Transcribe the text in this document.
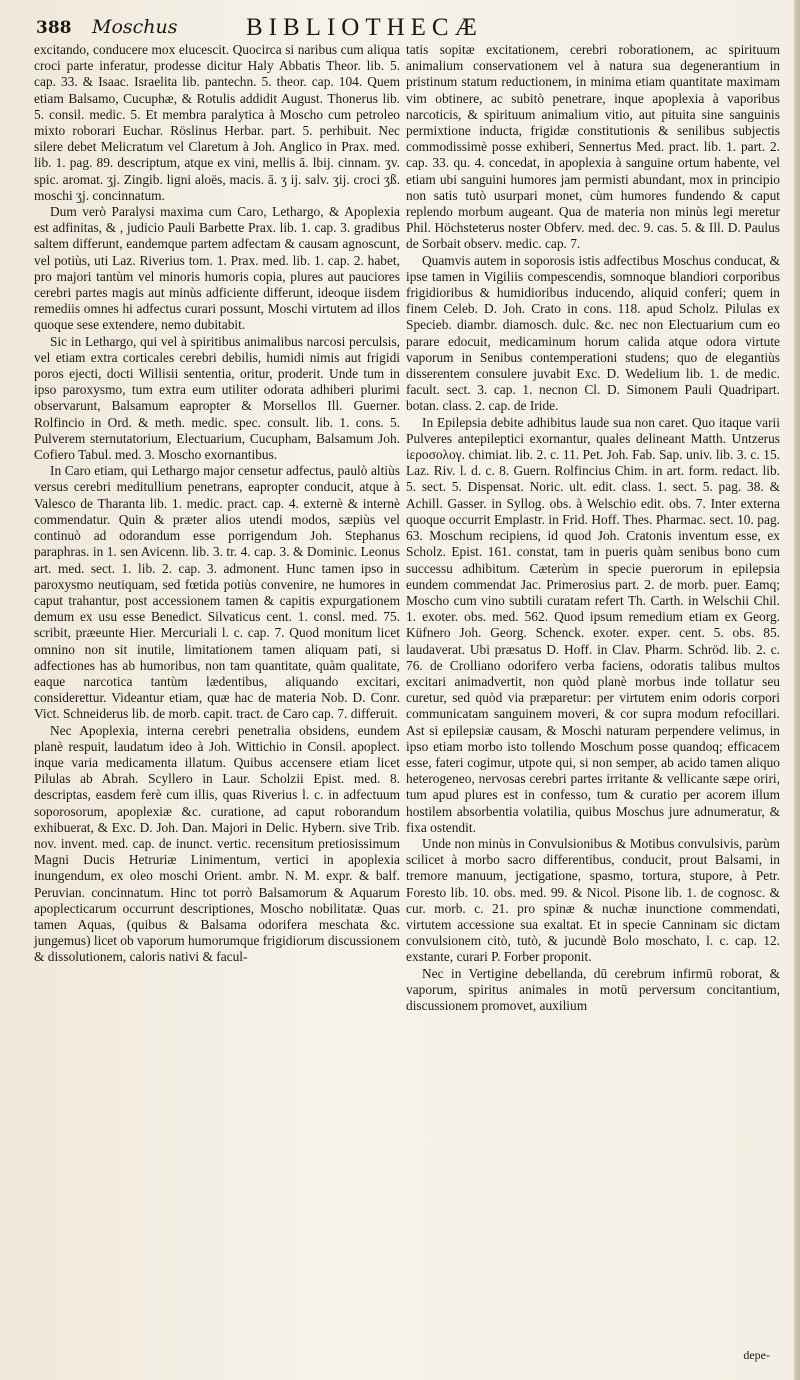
388 Moschus	BIBLIOTHECÆ

excitando, conducere mox elucescit. Quocirca si naribus cum aliqua croci parte inferatur, prodesse dicitur Haly Abbatis Theor. lib. 5. cap. 33. & Isaac. Israelita lib. pantechn. 5. theor. cap. 104. Quem etiam Balsamo, Cucuphæ, & Rotulis addidit August. Thonerus lib. 5. consil. medic. 5. Et membra paralytica à Moscho cum petroleo mixto roborari Euchar. Röslinus Herbar. part. 5. perhibuit. Nec silere debet Melicratum vel Claretum à Joh. Anglico in Prax. med. lib. 1. pag. 89. descriptum, atque ex vini, mellis ā. lbij. cinnam. ʒv. spic. aromat. ʒj. Zingib. ligni aloës, macis. ā. ʒ ij. salv. ʒij. croci ʒß. moschi ʒj. concinnatum.

Dum verò Paralysi maxima cum Caro, Lethargo, & Apoplexia est adfinitas, & , judicio Pauli Barbette Prax. lib. 1. cap. 3. gradibus saltem differunt, eandemque partem adfectam & causam agnoscunt, vel potiùs, uti Laz. Riverius tom. 1. Prax. med. lib. 1. cap. 2. habet, pro majori tantùm vel minoris humoris copia, plures aut pauciores cerebri partes magis aut minùs adficiente differunt, ideoque iisdem remediis omnes hi adfectus curari possunt, Moschi virtutem ad illos quoque sese extendere, nemo dubitabit.

Sic in Lethargo, qui vel à spiritibus animalibus narcosi perculsis, vel etiam extra corticales cerebri debilis, humidi nimis aut frigidi poros ejecti, docti Willisii sententia, oritur, proderit. Unde tum in ipso paroxysmo, tum extra eum utiliter odorata adhiberi plurimi observarunt, Balsamum eapropter & Morsellos Ill. Guerner. Rolfincio in Ord. & meth. medic. spec. consult. lib. 1. cons. 5. Pulverem sternutatorium, Electuarium, Cucupham, Balsamum Joh. Cofiero Tabul. med. 3. Moscho exornantibus.

In Caro etiam, qui Lethargo major censetur adfectus, paulò altiùs versus cerebri meditullium penetrans, eapropter conducit, atque à Valesco de Tharanta lib. 1. medic. pract. cap. 4. externè & internè commendatur. Quin & præter alios utendi modos, sæpiùs vel continuò ad odorandum esse porrigendum Joh. Stephanus paraphras. in 1. sen Avicenn. lib. 3. tr. 4. cap. 3. & Dominic. Leonus art. med. sect. 1. lib. 2. cap. 3. admonent. Hunc tamen ipso in paroxysmo neutiquam, sed fœtida potiùs convenire, ne humores in caput trahantur, post accessionem tamen & capitis expurgationem demum ex usu esse Benedict. Silvaticus cent. 1. consl. med. 75. scribit, præeunte Hier. Mercuriali l. c. cap. 7. Quod monitum licet omnino non sit inutile, limitationem tamen aliquam pati, si adfectiones has ab humoribus, non tam quantitate, quàm qualitate, eaque narcotica tantùm lædentibus, aliquando excitari, considerettur. Videantur etiam, quæ hac de materia Nob. D. Conr. Vict. Schneiderus lib. de morb. capit. tract. de Caro cap. 7. differuit.

Nec Apoplexia, interna cerebri penetralia obsidens, eundem planè respuit, laudatum ideo à Joh. Wittichio in Consil. apoplect. inque varia medicamenta illatum. Quibus accensere etiam licet Pilulas ab Abrah. Scyllero in Laur. Scholzii Epist. med. 8. descriptas, easdem ferè cum illis, quas Riverius l. c. in adfectuum soporosorum, apoplexiæ &c. curatione, ad caput roborandum exhibuerat, & Exc. D. Joh. Dan. Majori in Delic. Hybern. sive Trib. nov. invent. med. cap. de inunct. vertic. recensitum pretiosissimum Magni Ducis Hetruriæ Linimentum, vertici in apoplexia inungendum, ex oleo moschi Orient. ambr. N. M. expr. & balf. Peruvian. concinnatum. Hinc tot porrò Balsamorum & Aquarum apoplecticarum occurrunt descriptiones, Moscho nobilitatæ. Quas tamen Aquas, (quibus & Balsama odorifera meschata &c. jungemus) licet ob vaporum humorumque frigidiorum discussionem & dissolutionem, caloris nativi & facul-

tatis sopitæ excitationem, cerebri roborationem, ac spirituum animalium conservationem vel à natura sua degenerantium in pristinum statum reductionem, in minima etiam quantitate maximam vim obtinere, ac subitò penetrare, inque apoplexia à vaporibus narcoticis, & spirituum animalium vitio, aut pituita sine sanguinis permixtione inducta, frigidæ constitutionis & senilibus subjectis commodissimè posse exhiberi, Sennertus Med. pract. lib. 1. part. 2. cap. 33. qu. 4. concedat, in apoplexia à sanguine ortum habente, vel etiam ubi sanguini humores jam permisti abundant, mox in principio non satis tutò usurpari monet, cùm humores fundendo & caput replendo morbum augeant. Qua de materia non minùs legi meretur Phil. Höchsteterus noster Obferv. med. dec. 9. cas. 5. & Ill. D. Paulus de Sorbait observ. medic. cap. 7.

Quamvis autem in soporosis istis adfectibus Moschus conducat, & ipse tamen in Vigiliis compescendis, somnoque blandiori corporibus frigidioribus & humidioribus inducendo, aliquid conferi; quem in finem Celeb. D. Joh. Crato in cons. 118. apud Scholz. Pilulas ex Specieb. diambr. diamosch. dulc. &c. nec non Electuarium cum eo parare edocuit, medicaminum horum calida atque odora virtute vaporum in Senibus contemperationi studens; quo de elegantiùs disserentem consulere juvabit Exc. D. Wedelium lib. 1. de medic. facult. sect. 3. cap. 1. necnon Cl. D. Simonem Pauli Quadripart. botan. class. 2. cap. de Iride.

In Epilepsia debite adhibitus laude sua non caret. Quo itaque varii Pulveres antepileptici exornantur, quales delineant Matth. Untzerus ἱεροσολογ. chimiat. lib. 2. c. 11. Pet. Joh. Fab. Sap. univ. lib. 3. c. 15. Laz. Riv. l. d. c. 8. Guern. Rolfincius Chim. in art. form. redact. lib. 5. sect. 5. Dispensat. Noric. ult. edit. class. 1. sect. 5. pag. 38. & Achill. Gasser. in Syllog. obs. à Welschio edit. obs. 7. Inter externa quoque occurrit Emplastr. in Frid. Hoff. Thes. Pharmac. sect. 10. pag. 63. Moschum recipiens, id quod Joh. Cratonis inventum esse, ex Scholz. Epist. 161. constat, tam in pueris quàm senibus bono cum successu adhibitum. Cæterùm in specie puerorum in epilepsia eundem commendat Jac. Primerosius part. 2. de morb. puer. Eamq; Moscho cum vino subtili curatam refert Th. Carth. in Welschii Chil. 1. exoter. obs. med. 562. Quod ipsum remedium etiam ex Georg. Küfnero Joh. Georg. Schenck. exoter. exper. cent. 5. obs. 85. laudaverat. Ubi præsatus D. Hoff. in Clav. Pharm. Schröd. lib. 2. c. 76. de Crolliano odorifero verba faciens, odoratis talibus multos excitari animadvertit, non quòd planè morbus inde tollatur seu curetur, sed quòd via præparetur: per virtutem enim odoris corpori communicatam sanguinem moveri, & cor supra modum refocillari. Ast si epilepsiæ causam, & Moschi naturam perpendere velimus, in ipso etiam morbo isto tollendo Moschum posse quandoq; efficacem esse, fateri cogimur, utpote qui, si non semper, ab acido tamen aliquo heterogeneo, nervosas cerebri partes irritante & vellicante sæpe oriri, tum apud plures est in confesso, tum & curatio per acorem illum hostilem absorbentia volatilia, quibus Moschus jure adnumeratur, & fixa ostendit.

Unde non minùs in Convulsionibus & Motibus convulsivis, parùm scilicet à morbo sacro differentibus, conducit, prout Balsami, in tremore manuum, jectigatione, spasmo, tortura, stupore, à Petr. Foresto lib. 10. obs. med. 99. & Nicol. Pisone lib. 1. de cognosc. & cur. morb. c. 21. pro spinæ & nuchæ inunctione commendati, virtutem accessione sua exaltat. Et in specie Canninam sic dictam convulsionem citò, tutò, & jucundè Bolo moschato, l. c. cap. 12. exstante, curari P. Forber proponit.

Nec in Vertigine debellanda, dū cerebrum infirmū roborat, & vaporum, spiritus animales in motū perversum concitantium, discussionem promovet, auxilium

depe-
